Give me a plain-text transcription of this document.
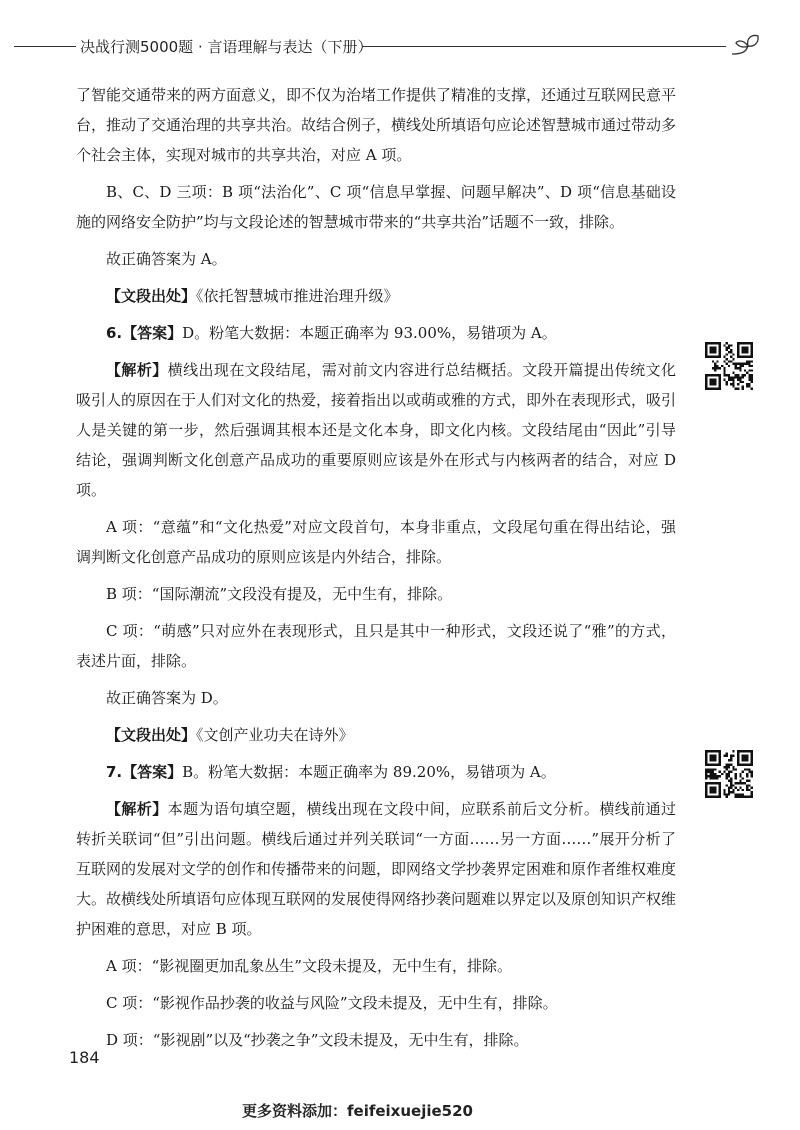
决战行测5000题 · 言语理解与表达（下册）

了智能交通带来的两方面意义，即不仅为治堵工作提供了精准的支撑，还通过互联网民意平台，推动了交通治理的共享共治。故结合例子，横线处所填语句应论述智慧城市通过带动多个社会主体，实现对城市的共享共治，对应 A 项。

B、C、D 三项：B 项“法治化”、C 项“信息早掌握、问题早解决”、D 项“信息基础设施的网络安全防护”均与文段论述的智慧城市带来的“共享共治”话题不一致，排除。

故正确答案为 A。

【文段出处】《依托智慧城市推进治理升级》

6.【答案】D。粉笔大数据：本题正确率为 93.00%，易错项为 A。

【解析】横线出现在文段结尾，需对前文内容进行总结概括。文段开篇提出传统文化吸引人的原因在于人们对文化的热爱，接着指出以或萌或雅的方式，即外在表现形式，吸引人是关键的第一步，然后强调其根本还是文化本身，即文化内核。文段结尾由“因此”引导结论，强调判断文化创意产品成功的重要原则应该是外在形式与内核两者的结合，对应 D 项。

A 项：“意蕴”和“文化热爱”对应文段首句，本身非重点，文段尾句重在得出结论，强调判断文化创意产品成功的原则应该是内外结合，排除。

B 项：“国际潮流”文段没有提及，无中生有，排除。

C 项：“萌感”只对应外在表现形式，且只是其中一种形式，文段还说了“雅”的方式，表述片面，排除。

故正确答案为 D。

【文段出处】《文创产业功夫在诗外》

7.【答案】B。粉笔大数据：本题正确率为 89.20%，易错项为 A。

【解析】本题为语句填空题，横线出现在文段中间，应联系前后文分析。横线前通过转折关联词“但”引出问题。横线后通过并列关联词“一方面……另一方面……”展开分析了互联网的发展对文学的创作和传播带来的问题，即网络文学抄袭界定困难和原作者维权难度大。故横线处所填语句应体现互联网的发展使得网络抄袭问题难以界定以及原创知识产权维护困难的意思，对应 B 项。

A 项：“影视圈更加乱象丛生”文段未提及，无中生有，排除。

C 项：“影视作品抄袭的收益与风险”文段未提及，无中生有，排除。

D 项：“影视剧”以及“抄袭之争”文段未提及，无中生有，排除。

184
更多资料添加：feifeixuejie520
